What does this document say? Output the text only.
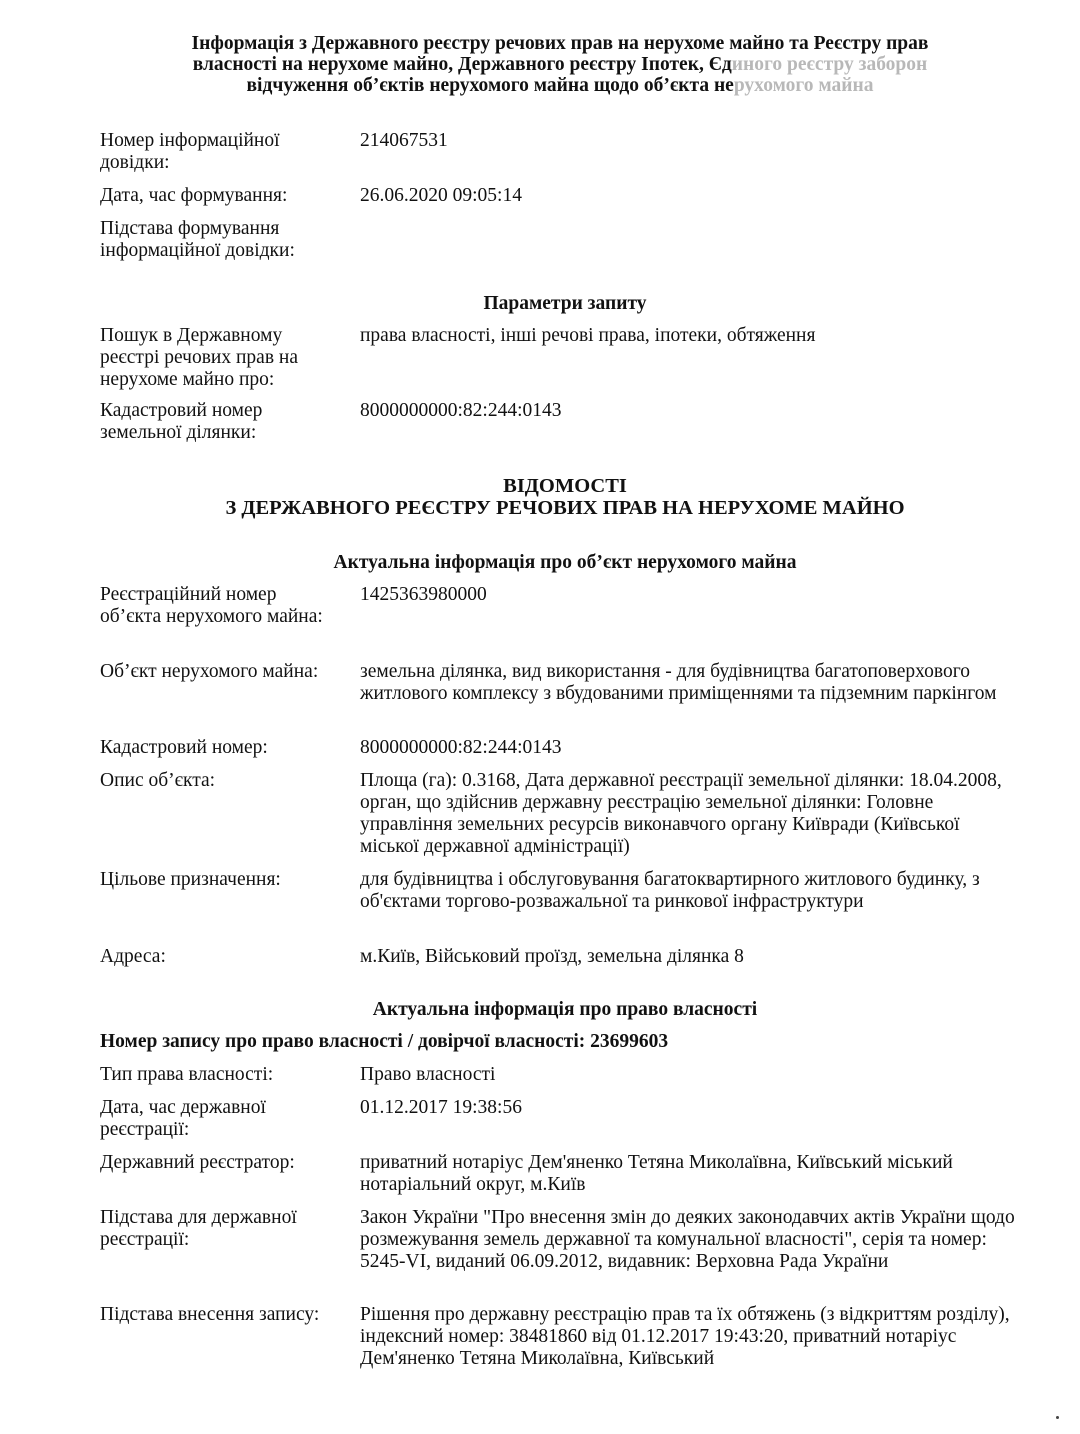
Інформація з Державного реєстру речових прав на нерухоме майно та Реєстру прав
власності на нерухоме майно, Державного реєстру Іпотек, Єдиного реєстру заборон
відчуження об’єктів нерухомого майна щодо об’єкта нерухомого майна
Номер інформаційної довідки:
214067531
Дата, час формування:	26.06.2020 09:05:14
Підстава формування інформаційної довідки:
Параметри запиту
Пошук в Державному реєстрі речових прав на нерухоме майно про:
права власності, інші речові права, іпотеки, обтяження
Кадастровий номер земельної ділянки:
8000000000:82:244:0143
ВІДОМОСТІ
З ДЕРЖАВНОГО РЕЄСТРУ РЕЧОВИХ ПРАВ НА НЕРУХОМЕ МАЙНО
Актуальна інформація про об’єкт нерухомого майна
Реєстраційний номер об’єкта нерухомого майна:
1425363980000
Об’єкт нерухомого майна:	земельна ділянка, вид використання - для будівництва багатоповерхового житлового комплексу з вбудованими приміщеннями та підземним паркінгом
Кадастровий номер:	8000000000:82:244:0143
Опис об’єкта:	Площа (га): 0.3168, Дата державної реєстрації земельної ділянки: 18.04.2008, орган, що здійснив державну реєстрацію земельної ділянки: Головне управління земельних ресурсів виконавчого органу Київради (Київської міської державної адміністрації)
Цільове призначення:	для будівництва і обслуговування багатоквартирного житлового будинку, з об'єктами торгово-розважальної та ринкової інфраструктури
Адреса:	м.Київ, Військовий проїзд, земельна ділянка 8
Актуальна інформація про право власності
Номер запису про право власності / довірчої власності: 23699603
Тип права власності:	Право власності
Дата, час державної реєстрації:
01.12.2017 19:38:56
Державний реєстратор:	приватний нотаріус Дем'яненко Тетяна Миколаївна, Київський міський нотаріальний округ, м.Київ
Підстава для державної реєстрації:
Закон України "Про внесення змін до деяких законодавчих актів України щодо розмежування земель державної та комунальної власності", серія та номер: 5245-VI, виданий 06.09.2012, видавник: Верховна Рада України
Підстава внесення запису:	Рішення про державну реєстрацію прав та їх обтяжень (з відкриттям розділу), індексний номер: 38481860 від 01.12.2017 19:43:20, приватний нотаріус Дем'яненко Тетяна Миколаївна, Київський
